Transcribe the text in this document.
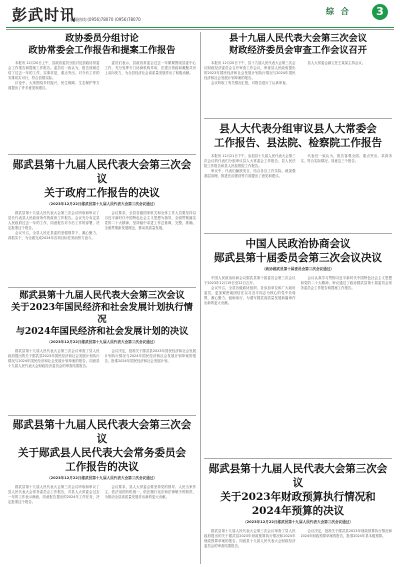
彭武时讯
新闻热线:(0956)78070 (0956)78070
综 合	3
政协委员分组讨论
政协常委会工作报告和提案工作报告

本报讯 12月20日上午，县政协委员分组讨论县政协常委会工作报告和提案工作报告。委员们一致认为，报告回顾总结了过去一年的工作，实事求是，重点突出，对今后工作的安排切实可行，符合县情实际。

讨论中，大家围绕乡村振兴、民生保障、生态保护等方面提出了许多意见和建议。

委员们表示，县政协常委会过去一年紧紧围绕县委中心工作，充分发挥专门协商机构作用，在建言资政和凝聚共识上双向发力，为全县经济社会高质量发展作出了积极贡献。

县十九届人民代表大会第三次会议
财政经济委员会审查工作会议召开

本报讯 12月20日下午，县十九届人民代表大会第三次会议财政经济委员会召开审查工作会议，审查县人民政府提出的2023年国民经济和社会发展计划执行情况与2024年国民经济和社会发展计划草案的报告。

会议听取了有关情况汇报，对报告进行了认真审查。

县人大常委会副主任王某某主持会议。

县人大代表分组审议县人大常委会
工作报告、县法院、检察院工作报告

本报讯 12月21日下午，参加县十九届人民代表大会第三次会议的代表们分组审议县人大常委会工作报告、县人民法院工作报告和县人民检察院工作报告。

审议中，代表们踊跃发言，结合各自工作实际，就加强基层治理、推进法治建设等方面提出了意见和建议。

代表们一致认为，报告客观全面、重点突出、求真务实，符合实际情况，同意这三个报告。

郧武县第十九届人民代表大会第三次会议
关于政府工作报告的决议
（2023年12月22日郧武县第十九届人民代表大会第三次会议通过）

郧武县第十九届人民代表大会第三次会议听取和审议了县长代表县人民政府所作的政府工作报告。会议充分肯定县人民政府过去一年的工作，同意报告对今后工作的部署，决定批准这个报告。

会议号召，全县人民在县委的坚强领导下，凝心聚力，真抓实干，为全面完成2024年各项目标任务而努力奋斗。

会议要求，全县各级国家机关和全体工作人员要坚持以习近平新时代中国特色社会主义思想为指导，全面贯彻落实党的二十大精神，坚持稳中求进工作总基调，完整、准确、全面贯彻新发展理念，推动高质量发展。

郧武县第十九届人民代表大会第三次会议
关于2023年国民经济和社会发展计划执行情况
与2024年国民经济和社会发展计划的决议
（2023年12月22日郧武县第十九届人民代表大会第三次会议通过）

郧武县第十九届人民代表大会第三次会议审查了县人民政府提出的关于郧武县2023年国民经济和社会发展计划执行情况与2024年国民经济和社会发展计划草案的报告，同意县十九届人民代表大会财政经济委员会的审查结果报告。

会议决定，批准关于郧武县2023年国民经济和社会发展计划执行情况与2024年国民经济和社会发展计划草案的报告，批准2024年国民经济和社会发展计划。

郧武县第十九届人民代表大会第三次会议
关于郧武县人民代表大会常务委员会
工作报告的决议
（2023年12月22日郧武县第十九届人民代表大会第三次会议通过）

郧武县第十九届人民代表大会第三次会议听取和审议了县人民代表大会常务委员会工作报告，对县人大常委会过去一年的工作表示满意，同意报告提出的2024年工作任务，决定批准这个报告。

会议要求，县人大常委会要坚持党的领导、人民当家作主、依法治国有机统一，依法履行宪法和法律赋予的职责，为推动全县高质量发展作出新的更大贡献。

中国人民政治协商会议
郧武县第十届委员会第三次会议决议
（政协郧武县第十届委员会第三次会议通过）

中国人民政治协商会议郧武县第十届委员会第三次会议于2023年12月19日至22日召开。

会议号召，全县各级政协组织、各参加单位和广大政协委员，更加紧密地团结在以习近平同志为核心的党中央周围，凝心聚力，砥砺前行，为谱写郧武高质量发展新篇章作出新的更大贡献。

会议认真学习贯彻习近平新时代中国特色社会主义思想和党的二十大精神，审议通过了政协郧武县第十届委员会常务委员会工作报告和提案工作报告。

郧武县第十九届人民代表大会第三次会议
关于2023年财政预算执行情况和
2024年预算的决议
（2023年12月22日郧武县第十九届人民代表大会第三次会议通过）

郧武县第十九届人民代表大会第三次会议审查了县人民政府提出的关于郧武县2023年财政预算执行情况和2024年财政预算草案的报告，同意县十九届人民代表大会财政经济委员会的审查结果报告。

会议决定，批准关于郧武县2023年财政预算执行情况和2024年财政预算草案的报告，批准2024年县本级预算。
